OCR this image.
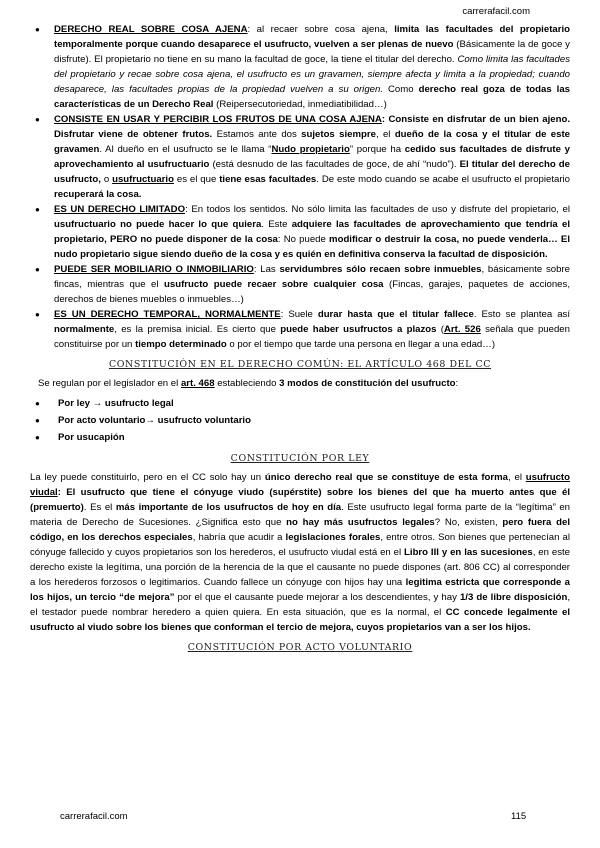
carrerafacil.com
● DERECHO REAL SOBRE COSA AJENA: al recaer sobre cosa ajena, limita las facultades del propietario temporalmente porque cuando desaparece el usufructo, vuelven a ser plenas de nuevo (Básicamente la de goce y disfrute). El propietario no tiene en su mano la facultad de goce, la tiene el titular del derecho. Como limita las facultades del propietario y recae sobre cosa ajena, el usufructo es un gravamen, siempre afecta y limita a la propiedad; cuando desaparece, las facultades propias de la propiedad vuelven a su origen. Como derecho real goza de todas las características de un Derecho Real (Reipersecutoriedad, inmediatibilidad…)
● CONSISTE EN USAR Y PERCIBIR LOS FRUTOS DE UNA COSA AJENA: Consiste en disfrutar de un bien ajeno. Disfrutar viene de obtener frutos. Estamos ante dos sujetos siempre, el dueño de la cosa y el titular de este gravamen. Al dueño en el usufructo se le llama “Nudo propietario” porque ha cedido sus facultades de disfrute y aprovechamiento al usufructuario (está desnudo de las facultades de goce, de ahí “nudo”). El titular del derecho de usufructo, o usufructuario es el que tiene esas facultades. De este modo cuando se acabe el usufructo el propietario recuperará la cosa.
● ES UN DERECHO LIMITADO: En todos los sentidos. No sólo limita las facultades de uso y disfrute del propietario, el usufructuario no puede hacer lo que quiera. Este adquiere las facultades de aprovechamiento que tendría el propietario, PERO no puede disponer de la cosa: No puede modificar o destruir la cosa, no puede venderla… El nudo propietario sigue siendo dueño de la cosa y es quién en definitiva conserva la facultad de disposición.
● PUEDE SER MOBILIARIO O INMOBILIARIO: Las servidumbres sólo recaen sobre inmuebles, básicamente sobre fincas, mientras que el usufructo puede recaer sobre cualquier cosa (Fincas, garajes, paquetes de acciones, derechos de bienes muebles o inmuebles…)
● ES UN DERECHO TEMPORAL, NORMALMENTE: Suele durar hasta que el titular fallece. Esto se plantea así normalmente, es la premisa inicial. Es cierto que puede haber usufructos a plazos (Art. 526 señala que pueden constituirse por un tiempo determinado o por el tiempo que tarde una persona en llegar a una edad…)
CONSTITUCIÓN EN EL DERECHO COMÚN: EL ARTÍCULO 468 DEL CC
Se regulan por el legislador en el art. 468 estableciendo 3 modos de constitución del usufructo:
● Por ley → usufructo legal
● Por acto voluntario→ usufructo voluntario
● Por usucapión
CONSTITUCIÓN POR LEY

La ley puede constituirlo, pero en el CC solo hay un único derecho real que se constituye de esta forma, el usufructo viudal: El usufructo que tiene el cónyuge viudo (supérstite) sobre los bienes del que ha muerto antes que él (premuerto). Es el más importante de los usufructos de hoy en día. Este usufructo legal forma parte de la “legítima” en materia de Derecho de Sucesiones. ¿Significa esto que no hay más usufructos legales? No, existen, pero fuera del código, en los derechos especiales, habría que acudir a legislaciones forales, entre otros. Son bienes que pertenecían al cónyuge fallecido y cuyos propietarios son los herederos, el usufructo viudal está en el Libro III y en las sucesiones, en este derecho existe la legítima, una porción de la herencia de la que el causante no puede dispones (art. 806 CC) al corresponder a los herederos forzosos o legitimarios. Cuando fallece un cónyuge con hijos hay una legitima estricta que corresponde a los hijos, un tercio “de mejora” por el que el causante puede mejorar a los descendientes, y hay 1/3 de libre disposición, el testador puede nombrar heredero a quien quiera. En esta situación, que es la normal, el CC concede legalmente el usufructo al viudo sobre los bienes que conforman el tercio de mejora, cuyos propietarios van a ser los hijos.

CONSTITUCIÓN POR ACTO VOLUNTARIO
carrerafacil.com	115
